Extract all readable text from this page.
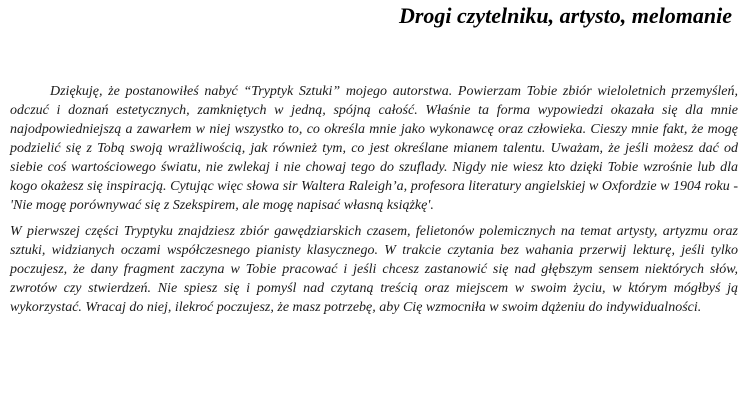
Drogi czytelniku, artysto, melomanie

Dziękuję, że postanowiłeś nabyć “Tryptyk Sztuki” mojego autorstwa. Powierzam Tobie zbiór wieloletnich przemyśleń, odczuć i doznań estetycznych, zamkniętych w jedną, spójną całość. Właśnie ta forma wypowiedzi okazała się dla mnie najodpowiedniejszą a zawarłem w niej wszystko to, co określa mnie jako wykonawcę oraz człowieka. Cieszy mnie fakt, że mogę podzielić się z Tobą swoją wrażliwością, jak również tym, co jest określane mianem talentu. Uważam, że jeśli możesz dać od siebie coś wartościowego światu, nie zwlekaj i nie chowaj tego do szuflady. Nigdy nie wiesz kto dzięki Tobie wzrośnie lub dla kogo okażesz się inspiracją. Cytując więc słowa sir Waltera Raleigh’a, profesora literatury angielskiej w Oxfordzie w 1904 roku - 'Nie mogę porównywać się z Szekspirem, ale mogę napisać własną książkę'.

W pierwszej części Tryptyku znajdziesz zbiór gawędziarskich czasem, felietonów polemicznych na temat artysty, artyzmu oraz sztuki, widzianych oczami współczesnego pianisty klasycznego. W trakcie czytania bez wahania przerwij lekturę, jeśli tylko poczujesz, że dany fragment zaczyna w Tobie pracować i jeśli chcesz zastanowić się nad głębszym sensem niektórych słów, zwrotów czy stwierdzeń. Nie spiesz się i pomyśl nad czytaną treścią oraz miejscem w swoim życiu, w którym mógłbyś ją wykorzystać. Wracaj do niej, ilekroć poczujesz, że masz potrzebę, aby Cię wzmocniła w swoim dążeniu do indywidualności.
